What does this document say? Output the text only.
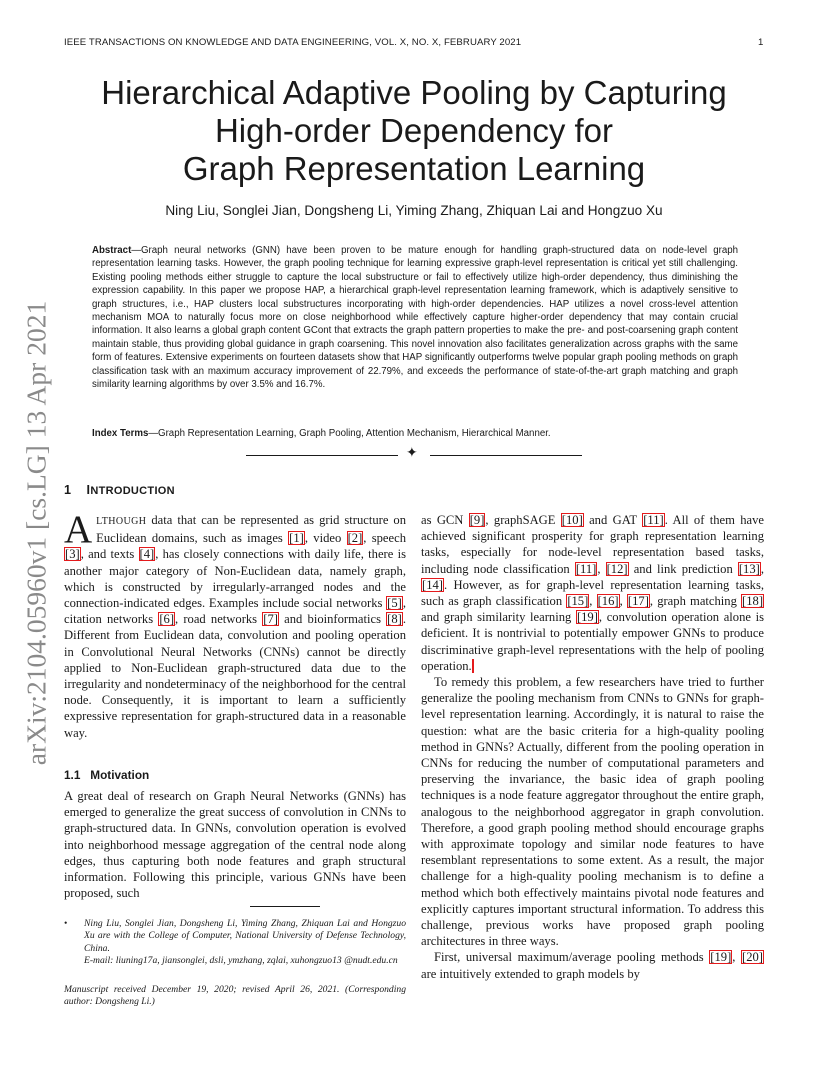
IEEE TRANSACTIONS ON KNOWLEDGE AND DATA ENGINEERING, VOL. X, NO. X, FEBRUARY 2021	1
arXiv:2104.05960v1 [cs.LG] 13 Apr 2021
Hierarchical Adaptive Pooling by Capturing
High-order Dependency for
Graph Representation Learning
Ning Liu, Songlei Jian, Dongsheng Li, Yiming Zhang, Zhiquan Lai and Hongzuo Xu
Abstract—Graph neural networks (GNN) have been proven to be mature enough for handling graph-structured data on node-level graph representation learning tasks. However, the graph pooling technique for learning expressive graph-level representation is critical yet still challenging. Existing pooling methods either struggle to capture the local substructure or fail to effectively utilize high-order dependency, thus diminishing the expression capability. In this paper we propose HAP, a hierarchical graph-level representation learning framework, which is adaptively sensitive to graph structures, i.e., HAP clusters local substructures incorporating with high-order dependencies. HAP utilizes a novel cross-level attention mechanism MOA to naturally focus more on close neighborhood while effectively capture higher-order dependency that may contain crucial information. It also learns a global graph content GCont that extracts the graph pattern properties to make the pre- and post-coarsening graph content maintain stable, thus providing global guidance in graph coarsening. This novel innovation also facilitates generalization across graphs with the same form of features. Extensive experiments on fourteen datasets show that HAP significantly outperforms twelve popular graph pooling methods on graph classification task with an maximum accuracy improvement of 22.79%, and exceeds the performance of state-of-the-art graph matching and graph similarity learning algorithms by over 3.5% and 16.7%.
Index Terms—Graph Representation Learning, Graph Pooling, Attention Mechanism, Hierarchical Manner.
✦
1 INTRODUCTION

ALTHOUGH data that can be represented as grid structure on Euclidean domains, such as images [1], video [2], speech [3], and texts [4], has closely connections with daily life, there is another major category of Non-Euclidean data, namely graph, which is constructed by irregularly-arranged nodes and the connection-indicated edges. Examples include social networks [5], citation networks [6], road networks [7] and bioinformatics [8]. Different from Euclidean data, convolution and pooling operation in Convolutional Neural Networks (CNNs) cannot be directly applied to Non-Euclidean graph-structured data due to the irregularity and nondeterminacy of the neighborhood for the central node. Consequently, it is important to learn a sufficiently expressive representation for graph-structured data in a reasonable way.

1.1 Motivation

A great deal of research on Graph Neural Networks (GNNs) has emerged to generalize the great success of convolution in CNNs to graph-structured data. In GNNs, convolution operation is evolved into neighborhood message aggregation of the central node along edges, thus capturing both node features and graph structural information. Following this principle, various GNNs have been proposed, such

• Ning Liu, Songlei Jian, Dongsheng Li, Yiming Zhang, Zhiquan Lai and Hongzuo Xu are with the College of Computer, National University of Defense Technology, China.
E-mail: liuning17a, jiansonglei, dsli, ymzhang, zqlai, xuhongzuo13 @nudt.edu.cn
Manuscript received December 19, 2020; revised April 26, 2021. (Corresponding author: Dongsheng Li.)

as GCN [9], graphSAGE [10] and GAT [11]. All of them have achieved significant prosperity for graph representation learning tasks, especially for node-level representation based tasks, including node classification [11], [12] and link prediction [13], [14]. However, as for graph-level representation learning tasks, such as graph classification [15], [16], [17], graph matching [18] and graph similarity learning [19], convolution operation alone is deficient. It is nontrivial to potentially empower GNNs to produce discriminative graph-level representations with the help of pooling operation.

To remedy this problem, a few researchers have tried to further generalize the pooling mechanism from CNNs to GNNs for graph-level representation learning. Accordingly, it is natural to raise the question: what are the basic criteria for a high-quality pooling method in GNNs? Actually, different from the pooling operation in CNNs for reducing the number of computational parameters and preserving the invariance, the basic idea of graph pooling techniques is a node feature aggregator throughout the entire graph, analogous to the neighborhood aggregator in graph convolution. Therefore, a good graph pooling method should encourage graphs with approximate topology and similar node features to have resemblant representations to some extent. As a result, the major challenge for a high-quality pooling mechanism is to define a method which both effectively maintains pivotal node features and explicitly captures important structural information. To address this challenge, previous works have proposed graph pooling architectures in three ways.

First, universal maximum/average pooling methods [19], [20] are intuitively extended to graph models by
